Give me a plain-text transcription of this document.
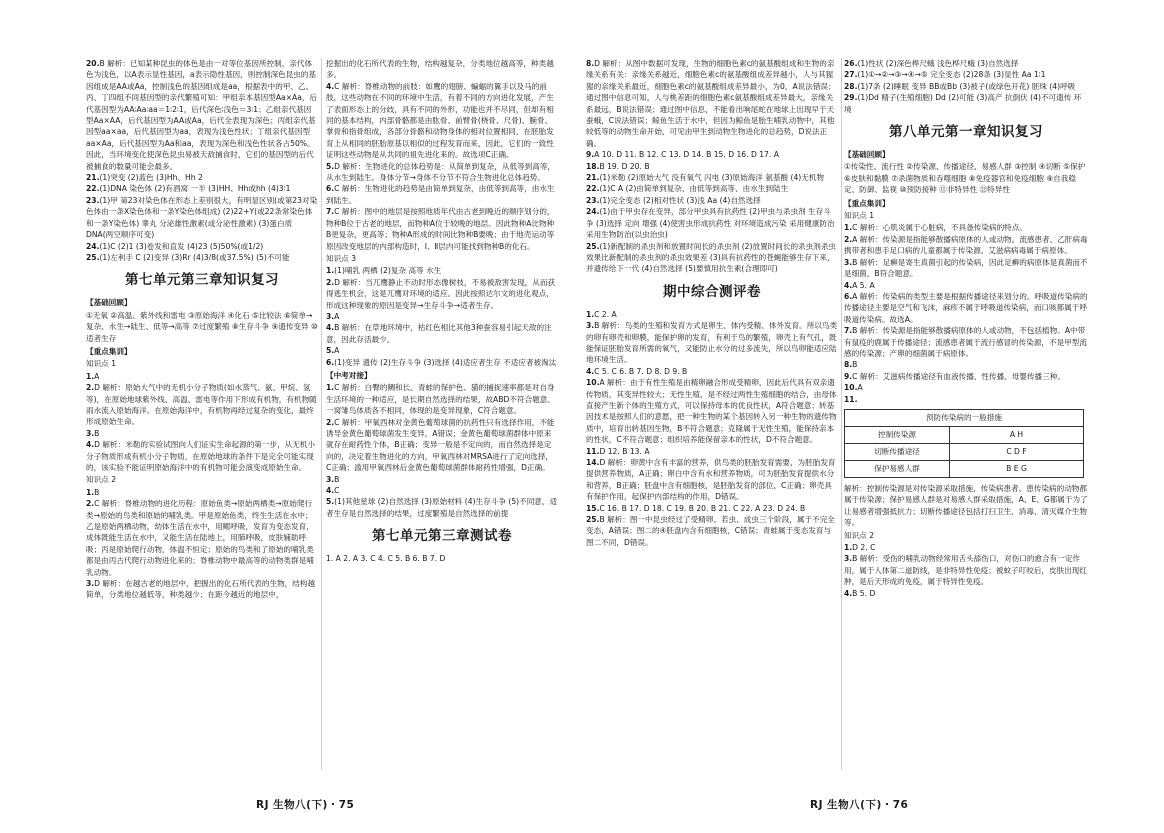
20.B 解析：已知某种昆虫的体色是由一对等位基因所控制，亲代体色为浅色，以A表示显性基因，a表示隐性基因，则控制深色昆虫的基因组成是AA或Aa，控制浅色的基因组成是aa，根据表中的甲、乙、丙、丁四组不同基因型的亲代繁殖可知：甲组亲本基因型Aa×Aa，后代基因型为AA∶Aa∶aa＝1∶2∶1，后代深色∶浅色＝3∶1；乙组亲代基因型Aa×AA，后代基因型为AA或Aa，后代全表现为深色；丙组亲代基因型aa×aa，后代基因型为aa，表现为浅色性状；丁组亲代基因型aa×Aa，后代基因型为Aa和aa，表现为深色和浅色性状各占50%。因此，当环境变化使深色昆虫易被天敌捕食时，它们的基因型的后代被捕食的数量可能会最多。

21.(1)突变 (2)蓝色 (3)Hh、Hh 2

22.(1)DNA 染色体 (2)有酒窝 一半 (3)HH、Hh或hh (4)3∶1

23.(1)甲 第23对染色体在形态上差别很大，有明显区别(或第23对染色体由一条X染色体和一条Y染色体组成) (2)22+Y(或22条常染色体和一条Y染色体) 睾丸 分泌雄性激素(或分泌性激素) (3)蛋白质 DNA(两空顺序可变)

24.(1)C (2)1 (3)卷发和直发 (4)23 (5)50%(或1/2)

25.(1)左利手 C (2)变异 (3)Rr (4)3/8(或37.5%) (5)不可能

第七单元第三章知识复习
【基础回顾】

①无氧 ②高温、紫外线和雷电 ③原始海洋 ④化石 ⑤比较法 ⑥简单→复杂、水生→陆生、低等→高等 ⑦过度繁殖 ⑧生存斗争 ⑨遗传变异 ⑩适者生存

【重点集训】
知识点 1

1.A

2.D 解析：原始大气中的无机小分子物质(如水蒸气、氨、甲烷、氢等)，在原始地球紫外线、高温、雷电等作用下形成有机物，有机物随雨水流入原始海洋。在原始海洋中，有机物再经过复杂的变化，最终形成原始生命。

3.B

4.D 解析：米勒的实验试图向人们证实生命起源的第一步，从无机小分子物质形成有机小分子物质，在原始地球的条件下是完全可能实现的，该实验不能证明原始海洋中的有机物可能会演变成原始生命。

知识点 2

1.B

2.C 解析：脊椎动物的进化历程：原始鱼类→原始两栖类→原始爬行类→原始的鸟类和原始的哺乳类。甲是原始鱼类，终生生活在水中；乙是原始两栖动物，幼体生活在水中，用鳃呼吸，发育为变态发育，成体既能生活在水中，又能生活在陆地上，用肺呼吸，皮肤辅助呼吸；丙是原始爬行动物，体温不恒定；原始的鸟类和了原始的哺乳类都是由丙古代爬行动物进化来的；脊椎动物中最高等的动物类群是哺乳动物。

3.D 解析：在越古老的地层中，把握出的化石所代表的生物，结构越简单，分类地位越低等，种类越少；在距今越近的地层中，

挖掘出的化石所代表的生物，结构越复杂，分类地位越高等，种类越多。

4.C 解析：脊椎动物的前肢：如鹰的翅膀、蝙蝠的翼手以及马的前肢，这些动物在不同的环境中生活，有着不同的方向进化发展，产生了表面形态上的分歧，具有不同的外形，功能也并不尽同，但却有相同的基本结构，内部骨骼都是由肱骨、前臂骨(桡骨、尺骨)、腕骨、掌骨和指骨组成，各部分骨骼和动物身体的相对位置相同，在胚胎发育上从相同的胚胎原基以相似的过程发育而来，因此，它们的一致性证明这些动物是从共同的祖先进化来的。故选项C正确。

5.D 解析：生物进化的总体趋势是：从简单到复杂，从低等到高等，从水生到陆生。身体分节→身体不分节不符合生物进化总体趋势。

6.C 解析：生物进化的趋势是由简单到复杂，由低等到高等，由水生到陆生。

7.C 解析：图中的地层是按照地质年代由古老到晚近的顺序划分的，物种B位于古老的地层，而物种A位于较晚的地层。因此物种A比物种B更复杂，更高等；物种A形成的时间比物种B要晚；由于地壳运动等原因改变地层的内部构造时，Ⅰ、Ⅱ层内可能找到物种B的化石。

知识点 3

1.(1)哺乳 两栖 (2)复杂 高等 水生

2.D 解析：当兀鹰静止不动时形态像树枝，不易被敌害发现，从而获得逃生机会，这是兀鹰对环境的适应。因此按照达尔文的进化观点，形成这种现象的原因是变异→生存斗争→适者生存。

3.A

4.B 解析：在草地环境中，枯红色相比其他3种蚕容易引起天敌的注意，因此存活最少。

5.A

6.(1)变异 遗传 (2)生存斗争 (3)选择 (4)适应者生存 不适应者被淘汰

【中考对接】

1.C 解析：白臀的鲷和长、青蛙的保护色、猫的捕捉速率都是对自身生活环境的一种适应，是长期自然选择的结果，故ABD不符合题意。一窝雏鸟体质各不相同，体现的是变异现象，C符合题意。

2.C 解析：甲氧西林对金黄色葡萄球菌的抗药性只有选择作用，不能诱导金黄色葡萄球菌发生变异，A错误；金黄色葡萄球菌群体中原来就存在耐药性个体，B正确；变异一般是不定向的，而自然选择是定向的，决定着生物进化的方向，甲氧西林对MRSA进行了定向选择，C正确；滥用甲氧西林后金黄色葡萄球菌群体耐药性增强，D正确。

3.B

4.C

5.(1)其他星球 (2)自然选择 (3)原始材料 (4)生存斗争 (5)不同意，适者生存是自然选择的结果，过度繁殖是自然选择的前提

第七单元第三章测试卷

1. A 2. A 3. C 4. C 5. B 6. B 7. D

RJ 生物八(下)・75

8.D 解析：从图中数据可发现，生物的细胞色素c的氨基酸组成和生物的亲缘关系有关：亲缘关系越近，细胞色素c的氨基酸组成差异越小，人与其猩猩的亲缘关系最近，细胞色素c的氨基酸组成差异最小，为0，A说法错误；通过图中信息可知，人与桃差距的细胞色素c氨基酸组成差异最大，亲缘关系最远，B说法错误；通过图中信息，不能看出响尾蛇在地球上出现早于天蚕蛾，C说法错误；鲸鱼生活于水中，但因为鲸鱼是胎生哺乳动物中，其他较低等的动物生命开始，可见由甲生到动物生物进化的总趋势，D说法正确。

9.A 10. D 11. B 12. C 13. D 14. B 15. D 16. D 17. A

18.B 19. D 20. B

21.(1)米勒 (2)原始大气 没有氧气 闪电 (3)原始海洋 氨基酸 (4)无机物

22.(1)C A (2)由简单到复杂、由低等到高等、由水生到陆生

23.(1)完全变态 (2)相对性状 (3)浅 Aa (4)自然选择

24.(1)由于甲虫存在变异，部分甲虫具有抗药性 (2)甲虫与杀虫剂 生存斗争 (3)选择 定向 增强 (4)使害虫形成抗药性 对环境造成污染 采用健康防治 采用生物防治(以虫治虫)

25.(1)新配制的杀虫剂和放置时间长的杀虫剂 (2)放置时间长的杀虫剂杀虫效果比新配制的杀虫剂的杀虫效果差 (3)具有抗药性的苍蝇能够生存下来，并遗传给下一代 (4)自然选择 (5)要慎用抗生素(合理即可)

期中综合测评卷

1.C 2. A

3.B 解析：鸟类的生殖和发育方式是卵生、体内受精、体外发育。所以鸟类的卵有卵壳和卵膜，能保护卵的发育，有利于鸟的繁殖，卵壳上有气孔，既能保证胚胎发育所需的氧气，又能防止水分的过多流失，所以鸟卵能适应陆地环境生活。

4.C 5. C 6. B 7. D 8. D 9. B

10.A 解析：由于有性生殖是由精卵融合形成受精卵，因此后代具有双亲遗传物质，其变异性较大；无性生殖，是不经过两性生殖细胞的结合，由母体直接产生新个体的生殖方式，可以保持母本的优良性状，A符合题意；转基因技术是按照人们的意愿，把一种生物的某个基因转入另一种生物的遗传物质中，培育出转基因生物，B不符合题意；克隆属于无性生殖，能保持亲本的性状，C不符合题意；组织培养能保留亲本的性状，D不符合题意。

11.D 12. B 13. A

14.D 解析：卵黄中含有丰富的营养，供鸟类的胚胎发育需要，为胚胎发育提供营养物质，A正确；卵白中含有水和营养物质，可为胚胎发育提供水分和营养，B正确；胚盘中含有细胞核，是胚胎发育的部位，C正确；卵壳具有保护作用，起保护内部结构的作用，D错误。

15.C 16. B 17. D 18. C 19. B 20. B 21. C 22. A 23. D 24. B

25.B 解析：图一中昆虫经过了受精卵、若虫、成虫三个阶段，属于不完全变态，A错误；图二的④胚盘内含有细胞核，C错误；青蛙属于变态发育与图二不同，D错误。

26.(1)性状 (2)深色桦尺蛾 浅色桦尺蛾 (3)自然选择

27.(1)①→②→③→④→⑤ 完全变态 (2)28条 (3)显性 Aa 1∶1

28.(1)7条 (2)睡眠 变异 BB或Bb (3)被子(或绿色开花) 胚珠 (4)呼吸

29.(1)Dd 精子(生殖细胞) Dd (2)可能 (3)高产 抗倒伏 (4)不可遗传 环境

第八单元第一章知识复习
【基础回顾】

①传染性、流行性 ②传染源、传播途径、易感人群 ③控制 ④切断 ⑤保护 ⑥皮肤和黏膜 ⑦杀菌物质和吞噬细胞 ⑧免疫器官和免疫细胞 ⑨自我稳定、防御、监视 ⑩预防接种 ⑪非特异性 ⑫特异性

【重点集训】
知识点 1

1.C 解析：心肌炎属于心脏病，不具备传染病的特点。

2.A 解析：传染源是指能够散播病原体的人或动物。流感患者、乙肝病毒携带者和患手足口病的儿童都属于传染源。艾滋病病毒属于病原体。

3.B 解析：足癣是寄生真菌引起的传染病，因此足癣的病原体是真菌而不是细菌，B符合题意。

4.A 5. A

6.A 解析：传染病的类型主要是根据传播途径来划分的。呼吸道传染病的传播途径主要是空气和飞沫，麻疹不属于呼吸道传染病，而口咳都属于呼吸道传染病。故选A。

7.B 解析：传染源是指能够散播病原体的人或动物，不包括植物。A中带有鼠疫的鹿属于传播途径；流感患者属于流行感冒的传染源，不是甲型流感的传染源；产卵的细菌属于病原体。

8.B

9.C 解析：艾滋病传播途径有血液传播、性传播、母婴传播三种。

10.A

11.

预防传染病的一般措施	
控制传染源	A H
切断传播途径	C D F
保护易感人群	B E G

解析：控制传染源是对传染源采取措施，传染病患者、患传染病的动物都属于传染源；保护易感人群是对易感人群采取措施，A、E、G都属于为了让易感者增强抵抗力；切断传播途径包括打扫卫生、消毒、清灭媒介生物等。

知识点 2

1.D 2. C

3.B 解析：受伤的哺乳动物经常用舌头舔伤口，对伤口的愈合有一定作用，属于人体第二道防线，是非特异性免疫；被蚊子叮咬后，皮肤出现红肿，是后天形成的免疫，属于特异性免疫。

4.B 5. D

RJ 生物八(下)・76
